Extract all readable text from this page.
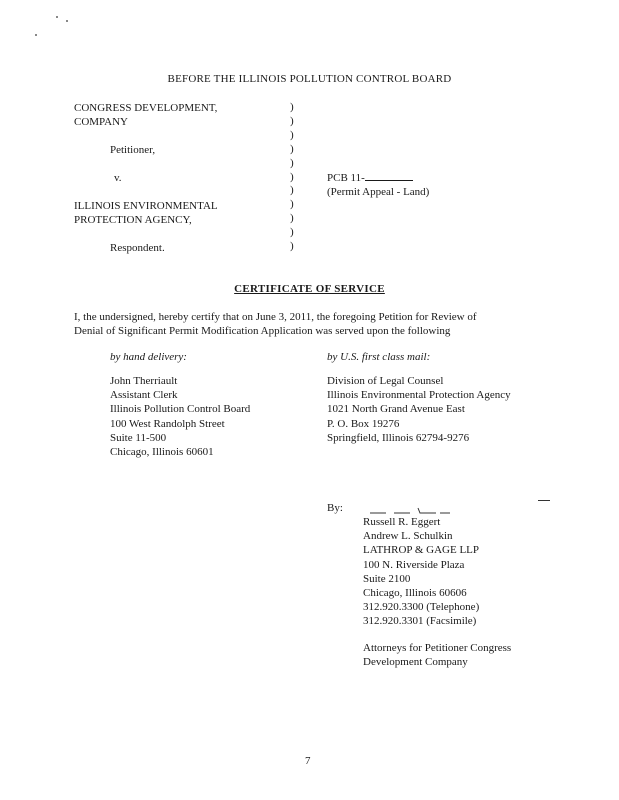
BEFORE THE ILLINOIS POLLUTION CONTROL BOARD
CONGRESS DEVELOPMENT,
COMPANY
Petitioner,
v.
ILLINOIS ENVIRONMENTAL
PROTECTION AGENCY,
Respondent.
)
)
)
)
)
)
)
)
)
)
)
PCB 11-
(Permit Appeal - Land)
CERTIFICATE OF SERVICE
I, the undersigned, hereby certify that on June 3, 2011, the foregoing Petition for Review of
Denial of Significant Permit Modification Application was served upon the following
by hand delivery:
John Therriault
Assistant Clerk
Illinois Pollution Control Board
100 West Randolph Street
Suite 11-500
Chicago, Illinois 60601
by U.S. first class mail:
Division of Legal Counsel
Illinois Environmental Protection Agency
1021 North Grand Avenue East
P. O. Box 19276
Springfield, Illinois 62794-9276
By:
Russell R. Eggert
Andrew L. Schulkin
LATHROP & GAGE LLP
100 N. Riverside Plaza
Suite 2100
Chicago, Illinois 60606
312.920.3300 (Telephone)
312.920.3301 (Facsimile)
Attorneys for Petitioner Congress
Development Company
7
